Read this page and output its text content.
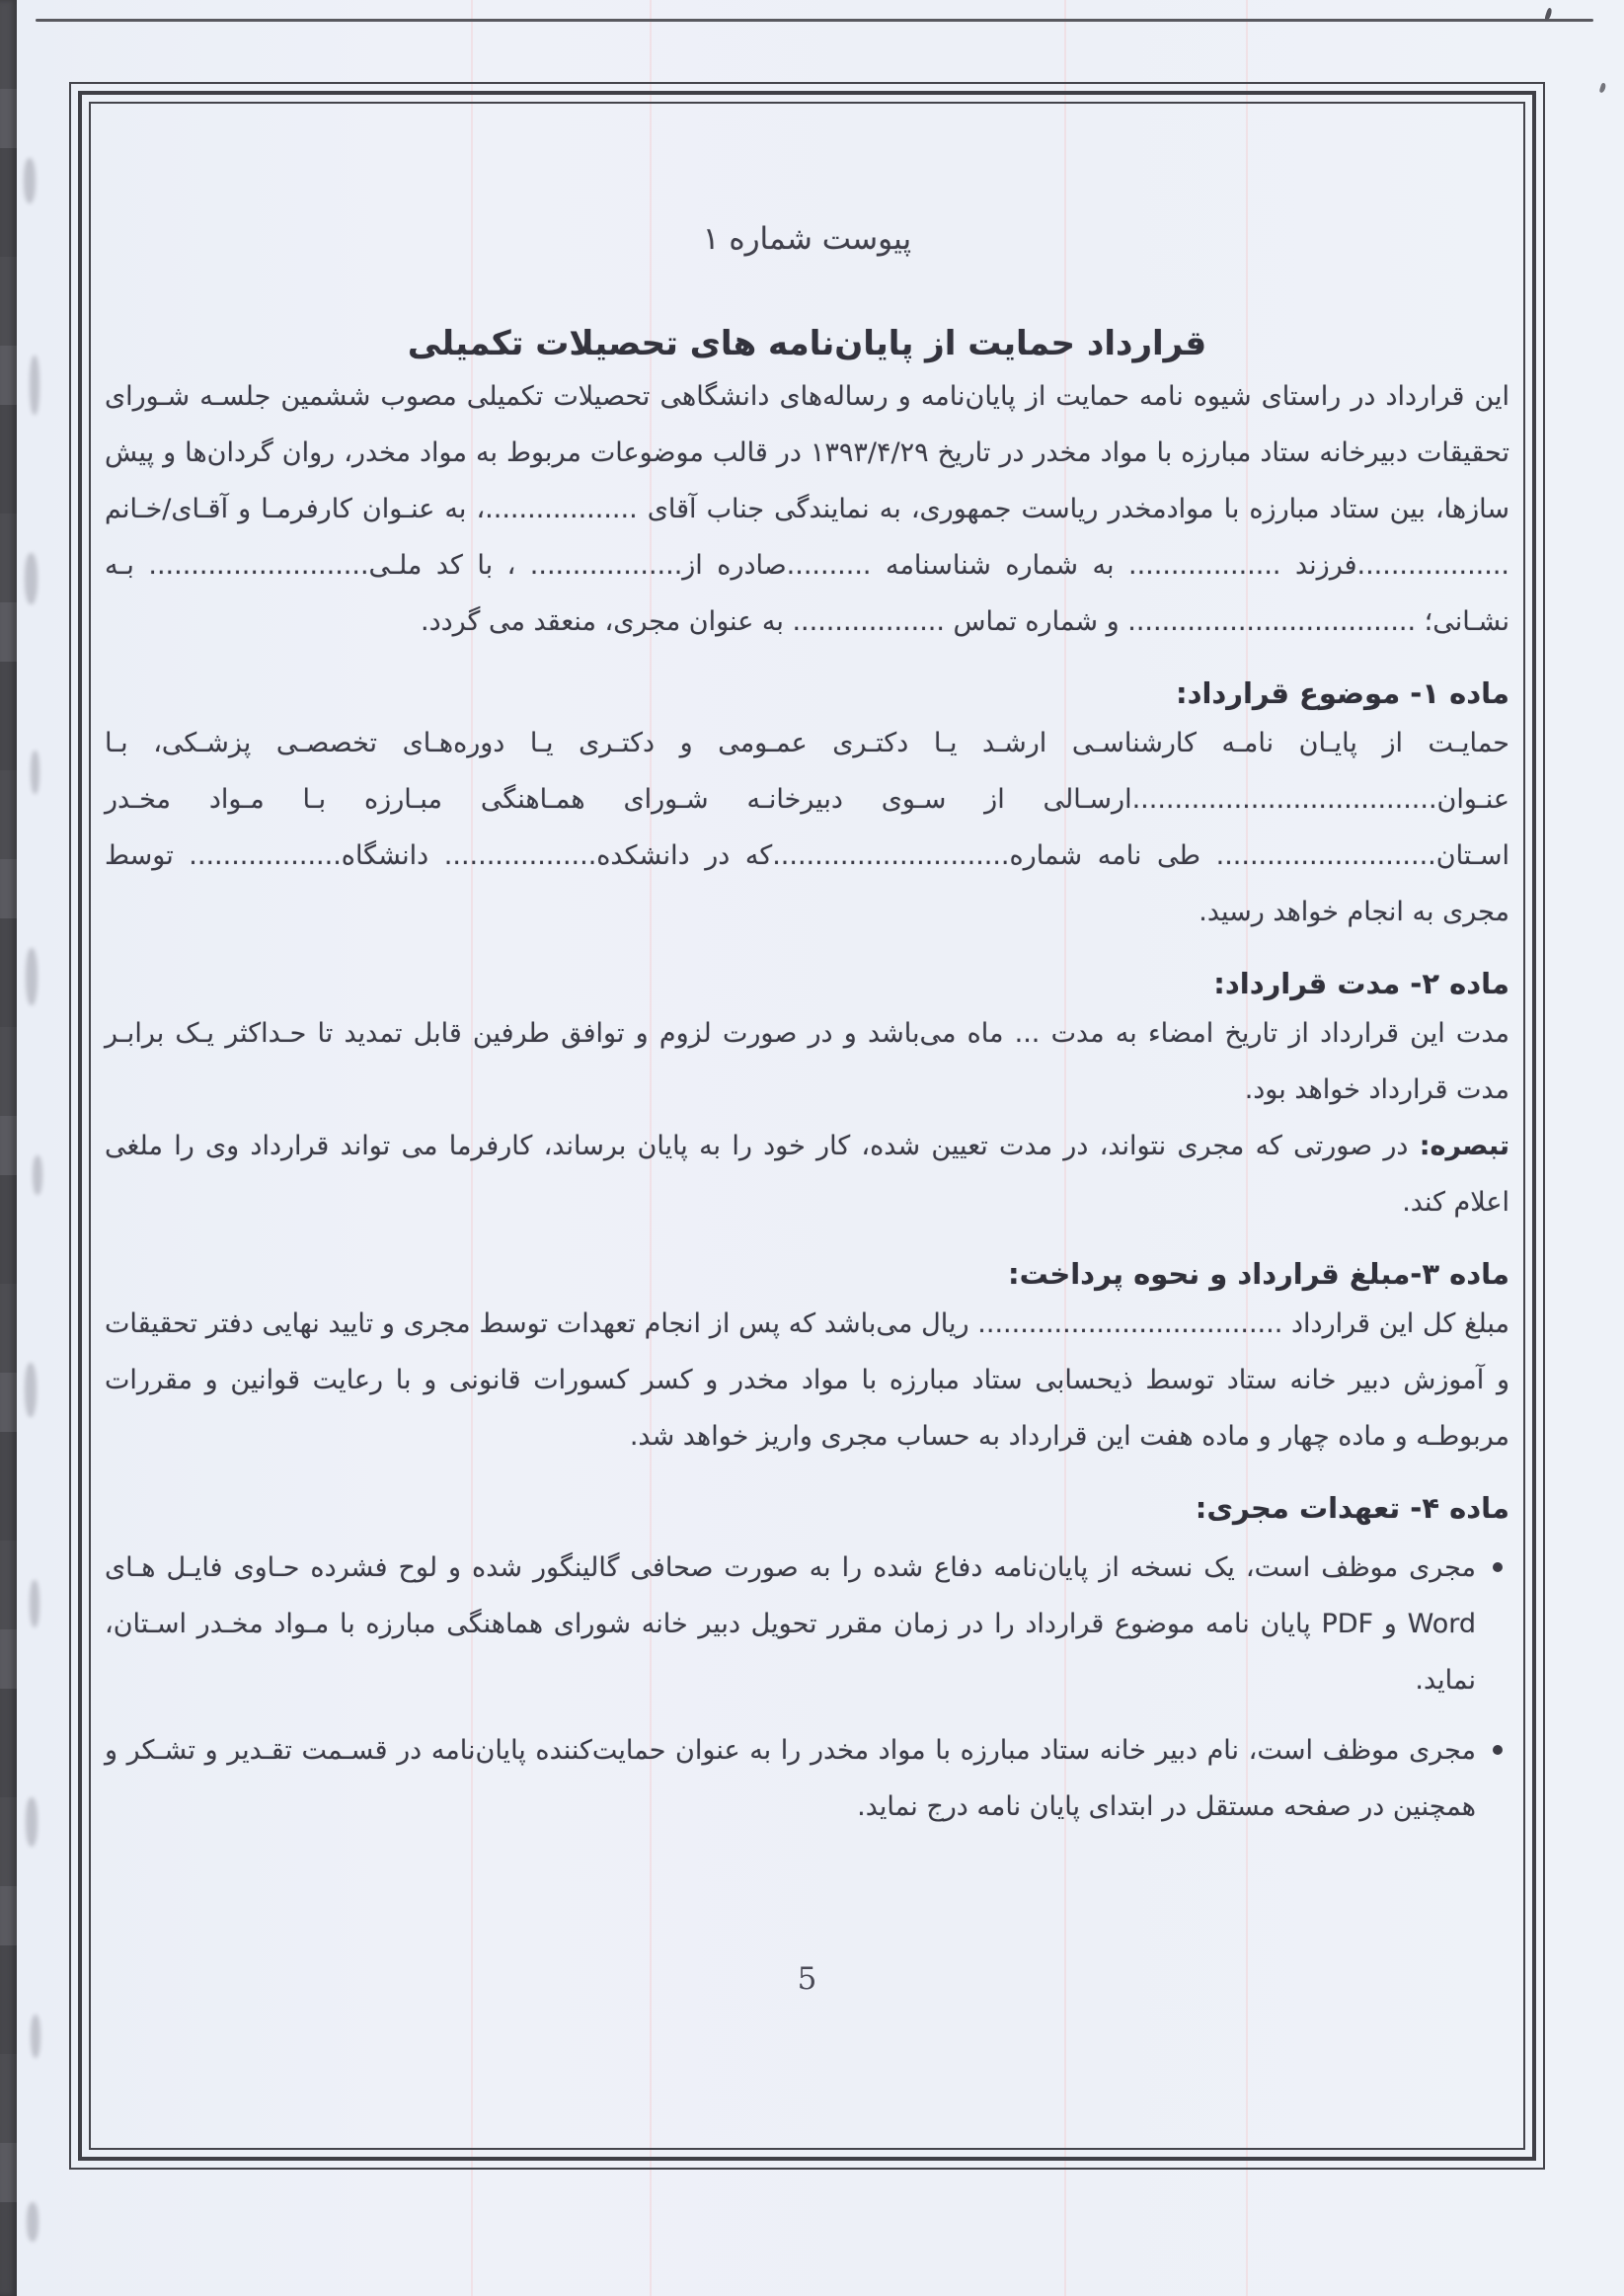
پیوست شماره ۱
قرارداد حمایت از پایان‌نامه های تحصیلات تکمیلی

این قرارداد در راستای شیوه نامه حمایت از پایان‌نامه و رساله‌های دانشگاهی تحصیلات تکمیلی مصوب ششمین جلسـه شـورای تحقیقات دبیرخانه ستاد مبارزه با مواد مخدر در تاریخ ۱۳۹۳/۴/۲۹ در قالب موضوعات مربوط به مواد مخدر، روان گردان‌ها و پیش سازها، بین ستاد مبارزه با موادمخدر ریاست جمهوری، به نمایندگی جناب آقای ..................، به عنـوان کارفرمـا و آقـای/خـانم ..................فرزند .................. به شماره شناسنامه ..........صادره از.................. ، با کد ملـی.......................... بـه نشـانی؛ .................................. و شماره تماس .................. به عنوان مجری، منعقد می گردد.

ماده ۱- موضوع قرارداد:

حمایـت از پایـان نامـه کارشناسـی ارشـد یـا دکتـری عمـومی و دکتـری یـا دوره‌هـای تخصصـی پزشـکی، بـا عنـوان....................................ارسـالی از سـوی دبیرخانـه شـورای همـاهنگی مبـارزه بـا مـواد مخـدر اسـتان.......................... طی نامه شماره............................که در دانشکده.................. دانشگاه.................. توسط مجری به انجام خواهد رسید.

ماده ۲- مدت قرارداد:

مدت این قرارداد از تاریخ امضاء به مدت ... ماه می‌باشد و در صورت لزوم و توافق طرفین قابل تمدید تا حـداکثر یـک برابـر مدت قرارداد خواهد بود.

تبصره: در صورتی که مجری نتواند، در مدت تعیین شده، کار خود را به پایان برساند، کارفرما می تواند قرارداد وی را ملغی اعلام کند.

ماده ۳-مبلغ قرارداد و نحوه پرداخت:

مبلغ کل این قرارداد .................................... ریال می‌باشد که پس از انجام تعهدات توسط مجری و تایید نهایی دفتر تحقیقات و آموزش دبیر خانه ستاد توسط ذیحسابی ستاد مبارزه با مواد مخدر و کسر کسورات قانونی و با رعایت قوانین و مقررات مربوطـه و ماده چهار و ماده هفت این قرارداد به حساب مجری واریز خواهد شد.

ماده ۴- تعهدات مجری:
مجری موظف است، یک نسخه از پایان‌نامه دفاع شده را به صورت صحافی گالینگور شده و لوح فشرده حـاوی فایـل هـای Word و PDF پایان نامه موضوع قرارداد را در زمان مقرر تحویل دبیر خانه شورای هماهنگی مبارزه با مـواد مخـدر اسـتان، نماید.
مجری موظف است، نام دبیر خانه ستاد مبارزه با مواد مخدر را به عنوان حمایت‌کننده پایان‌نامه در قسـمت تقـدیر و تشـکر و همچنین در صفحه مستقل در ابتدای پایان نامه درج نماید.
5
